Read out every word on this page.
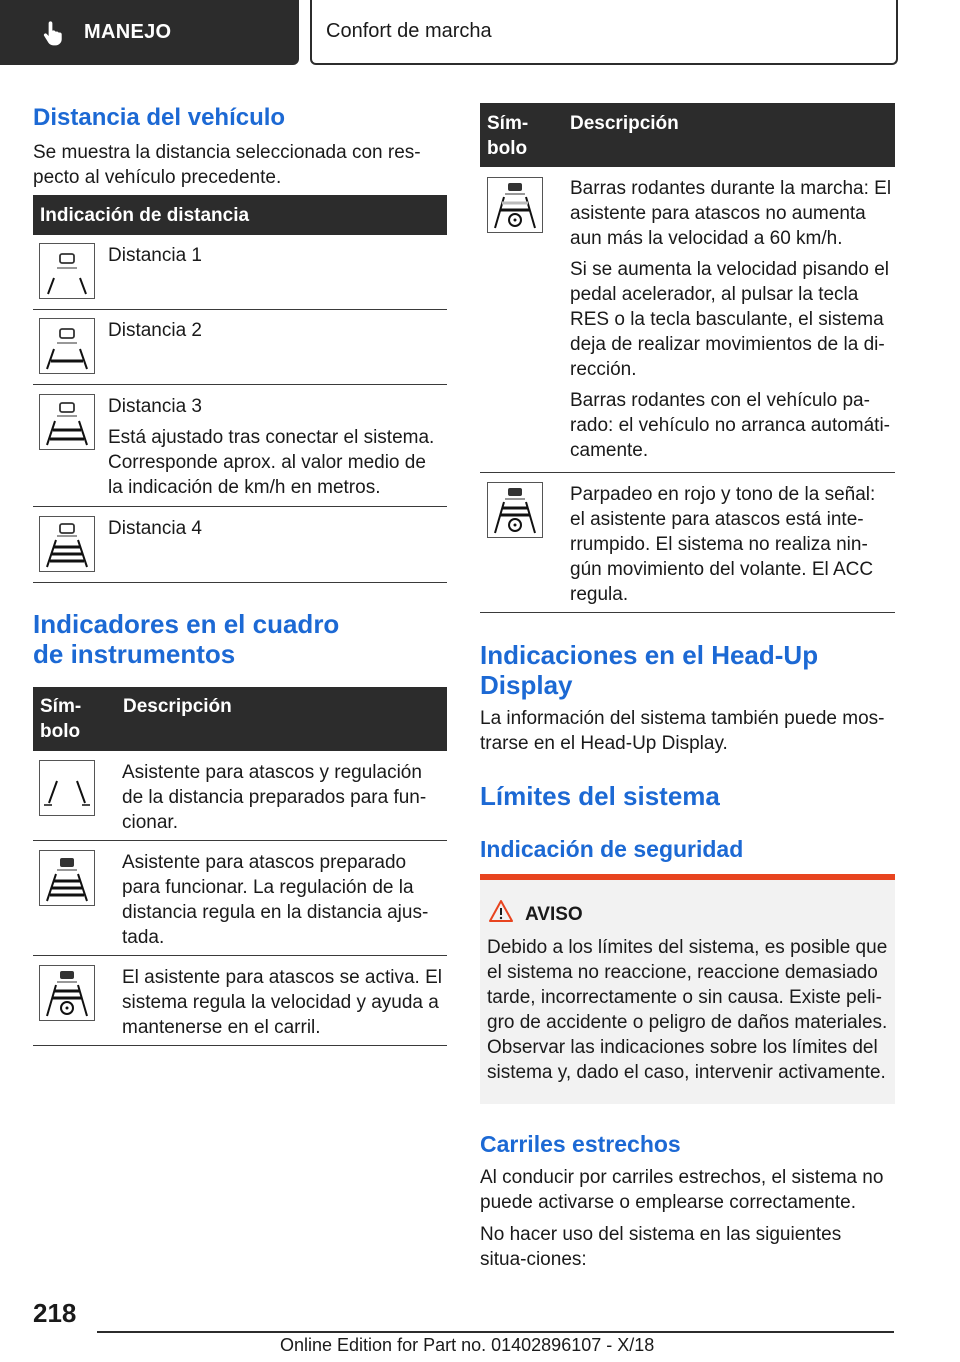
MANEJO	Confort de marcha
Distancia del vehículo

Se muestra la distancia seleccionada con res-pecto al vehículo precedente.

Indicación de distancia

Distancia 1

Distancia 2

Distancia 3

Está ajustado tras conectar el sistema. Corresponde aprox. al valor medio de la indicación de km/h en metros.

Distancia 4

Indicadores en el cuadro de instrumentos
Sím-bolo
Descripción

Asistente para atascos y regulación de la distancia preparados para fun-cionar.

Asistente para atascos preparado para funcionar. La regulación de la distancia regula en la distancia ajus-tada.

El asistente para atascos se activa. El sistema regula la velocidad y ayuda a mantenerse en el carril.

Sím-bolo
Descripción

Barras rodantes durante la marcha: El asistente para atascos no aumenta aun más la velocidad a 60 km/h.

Si se aumenta la velocidad pisando el pedal acelerador, al pulsar la tecla RES o la tecla basculante, el sistema deja de realizar movimientos de la di-rección.

Barras rodantes con el vehículo pa-rado: el vehículo no arranca automáti-camente.

Parpadeo en rojo y tono de la señal: el asistente para atascos está inte-rrumpido. El sistema no realiza nin-gún movimiento del volante. El ACC regula.

Indicaciones en el Head-Up Display

La información del sistema también puede mos-trarse en el Head-Up Display.

Límites del sistema
Indicación de seguridad
AVISO
Debido a los límites del sistema, es posible que el sistema no reaccione, reaccione demasiado tarde, incorrectamente o sin causa. Existe peli-gro de accidente o peligro de daños materiales. Observar las indicaciones sobre los límites del sistema y, dado el caso, intervenir activamente.
Carriles estrechos

Al conducir por carriles estrechos, el sistema no puede activarse o emplearse correctamente.

No hacer uso del sistema en las siguientes situa-ciones:

218
Online Edition for Part no. 01402896107 - X/18
